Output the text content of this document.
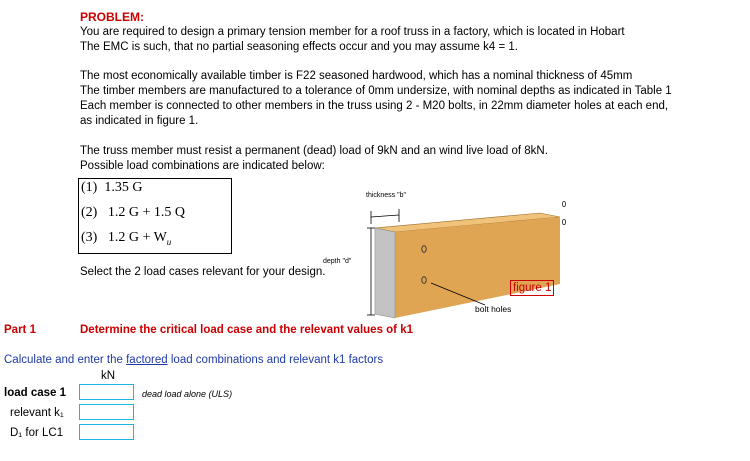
PROBLEM:
You are required to design a primary tension member for a roof truss in a factory, which is located in Hobart
The EMC is such, that no partial seasoning effects occur and you may assume k4 = 1.
The most economically available timber is F22 seasoned hardwood, which has a nominal thickness of 45mm
The timber members are manufactured to a tolerance of 0mm undersize, with nominal depths as indicated in Table 1
Each member is connected to other members in the truss using 2 - M20 bolts, in 22mm diameter holes at each end,
as indicated in figure 1.
The truss member must resist a permanent (dead) load of 9kN and an wind live load of 8kN.
Possible load combinations are indicated below:
(1) 1.35 G
(2) 1.2 G + 1.5 Q
(3) 1.2 $G + W_u$
Select the 2 load cases relevant for your design.
thickness "b"
depth "d"
bolt holes
figure 1
Part 1	Determine the critical load case and the relevant values of k1
Calculate and enter the factored load combinations and relevant k1 factors
kN
load case 1	dead load alone (ULS)
relevant k₁
D₁ for LC1
